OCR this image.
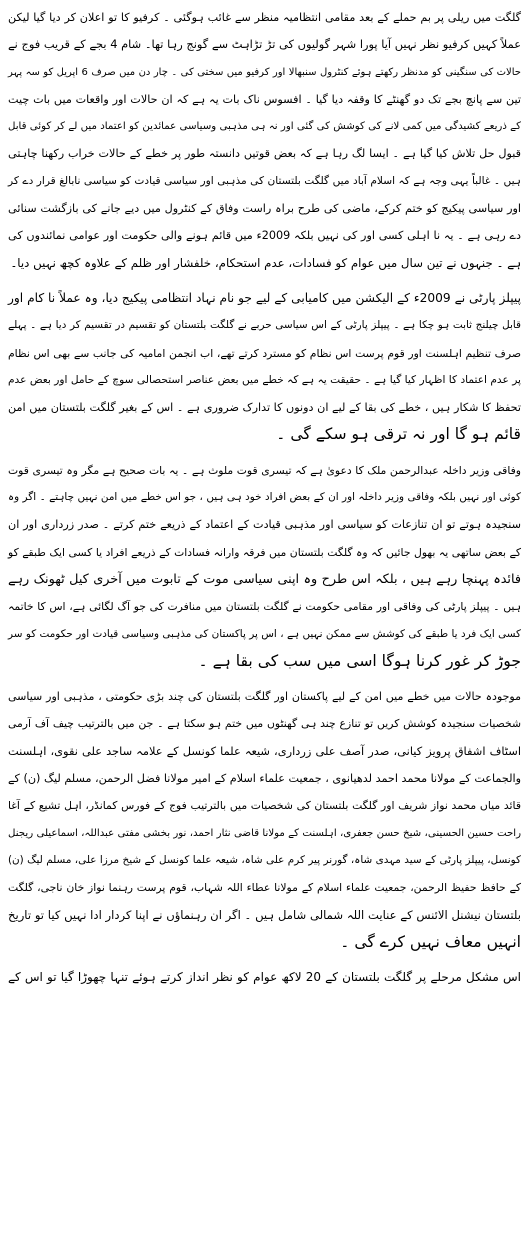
گلگت میں ریلی پر بم حملے کے بعد مقامی انتظامیہ منظر سے غائب ہوگئی ۔ کرفیو کا تو اعلان کر دیا گیا لیکن
عملاً کہیں کرفیو نظر نہیں آیا پورا شہر گولیوں کی تڑ تڑاہٹ سے گونج رہا تھا۔ شام 4 بجے کے قریب فوج نے
حالات کی سنگینی کو مدنظر رکھتے ہوئے کنٹرول سنبھالا اور کرفیو میں سختی کی ۔ چار دن میں صرف 6 اپریل کو سہ پہر
تین سے پانچ بجے تک دو گھنٹے کا وقفہ دیا گیا ۔ افسوس ناک بات یہ ہے کہ ان حالات اور واقعات میں بات چیت
کے ذریعے کشیدگی میں کمی لانے کی کوشش کی گئی اور نہ ہی مذہبی وسیاسی عمائدین کو اعتماد میں لے کر کوئی قابل
قبول حل تلاش کیا گیا ہے ۔ ایسا لگ رہا ہے کہ بعض قوتیں دانستہ طور پر خطے کے حالات خراب رکھنا چاہتی
ہیں ۔ غالباً یہی وجہ ہے کہ اسلام آباد میں گلگت بلتستان کی مذہبی اور سیاسی قیادت کو سیاسی نابالغ قرار دے کر
اور سیاسی پیکیج کو ختم کرکے، ماضی کی طرح براہ راست وفاق کے کنٹرول میں دیے جانے کی بازگشت سنائی
دے رہی ہے ۔ یہ نا اہلی کسی اور کی نہیں بلکہ 2009ء میں قائم ہونے والی حکومت اور عوامی نمائندوں کی
ہے ۔ جنہوں نے تین سال میں عوام کو فسادات، عدم استحکام، خلفشار اور ظلم کے علاوہ کچھ نہیں دیا۔
پیپلز پارٹی نے 2009ء کے الیکشن میں کامیابی کے لیے جو نام نہاد انتظامی پیکیج دیا، وہ عملاً نا کام اور
قابل چیلنج ثابت ہو چکا ہے ۔ پیپلز پارٹی کے اس سیاسی حربے نے گلگت بلتستان کو تقسیم در تقسیم کر دیا ہے ۔ پہلے
صرف تنظیم اہلسنت اور قوم پرست اس نظام کو مسترد کرتے تھے، اب انجمن امامیہ کی جانب سے بھی اس نظام
پر عدم اعتماد کا اظہار کیا گیا ہے ۔ حقیقت یہ ہے کہ خطے میں بعض عناصر استحصالی سوچ کے حامل اور بعض عدم
تحفظ کا شکار ہیں ، خطے کی بقا کے لیے ان دونوں کا تدارک ضروری ہے ۔ اس کے بغیر گلگت بلتستان میں امن
قائم ہو گا اور نہ ترقی ہو سکے گی ۔
وفاقی وزیر داخلہ عبدالرحمن ملک کا دعویٰ ہے کہ تیسری قوت ملوث ہے ۔ یہ بات صحیح ہے مگر وہ تیسری قوت
کوئی اور نہیں بلکہ وفاقی وزیر داخلہ اور ان کے بعض افراد خود ہی ہیں ، جو اس خطے میں امن نہیں چاہتے ۔ اگر وہ
سنجیدہ ہوتے تو ان تنازعات کو سیاسی اور مذہبی قیادت کے اعتماد کے ذریعے ختم کرتے ۔ صدر زرداری اور ان
کے بعض ساتھی یہ بھول جائیں کہ وہ گلگت بلتستان میں فرقہ وارانہ فسادات کے ذریعے افراد یا کسی ایک طبقے کو
فائدہ پہنچا رہے ہیں ، بلکہ اس طرح وہ اپنی سیاسی موت کے تابوت میں آخری کیل ٹھونک رہے
ہیں ۔ پیپلز پارٹی کی وفاقی اور مقامی حکومت نے گلگت بلتستان میں منافرت کی جو آگ لگائی ہے، اس کا خاتمہ
کسی ایک فرد یا طبقے کی کوشش سے ممکن نہیں ہے ، اس پر پاکستان کی مذہبی وسیاسی قیادت اور حکومت کو سر
جوڑ کر غور کرنا ہوگا اسی میں سب کی بقا ہے ۔
موجودہ حالات میں خطے میں امن کے لیے پاکستان اور گلگت بلتستان کی چند بڑی حکومتی ، مذہبی اور سیاسی
شخصیات سنجیدہ کوشش کریں تو تنازع چند ہی گھنٹوں میں ختم ہو سکتا ہے ۔ جن میں بالترتیب چیف آف آرمی
اسٹاف اشفاق پرویز کیانی، صدر آصف علی زرداری، شیعہ علما کونسل کے علامہ ساجد علی نقوی، اہلسنت
والجماعت کے مولانا محمد احمد لدھیانوی ، جمعیت علماء اسلام کے امیر مولانا فضل الرحمن، مسلم لیگ (ن) کے
قائد میاں محمد نواز شریف اور گلگت بلتستان کی شخصیات میں بالترتیب فوج کے فورس کمانڈر، اہل تشیع کے آغا
راحت حسین الحسینی، شیخ حسن جعفری، اہلسنت کے مولانا قاضی نثار احمد، نور بخشی مفتی عبداللہ، اسماعیلی ریجنل
کونسل، پیپلز پارٹی کے سید مہدی شاہ، گورنر پیر کرم علی شاہ، شیعہ علما کونسل کے شیخ مرزا علی، مسلم لیگ (ن)
کے حافظ حفیظ الرحمن، جمعیت علماء اسلام کے مولانا عطاء اللہ شہاب، قوم پرست رہنما نواز خان ناجی، گلگت
بلتستان نیشنل الائنس کے عنایت اللہ شمالی شامل ہیں ۔ اگر ان رہنماؤں نے اپنا کردار ادا نہیں کیا تو تاریخ
انہیں معاف نہیں کرے گی ۔
اس مشکل مرحلے پر گلگت بلتستان کے 20 لاکھ عوام کو نظر انداز کرتے ہوئے تنہا چھوڑا گیا تو اس کے
